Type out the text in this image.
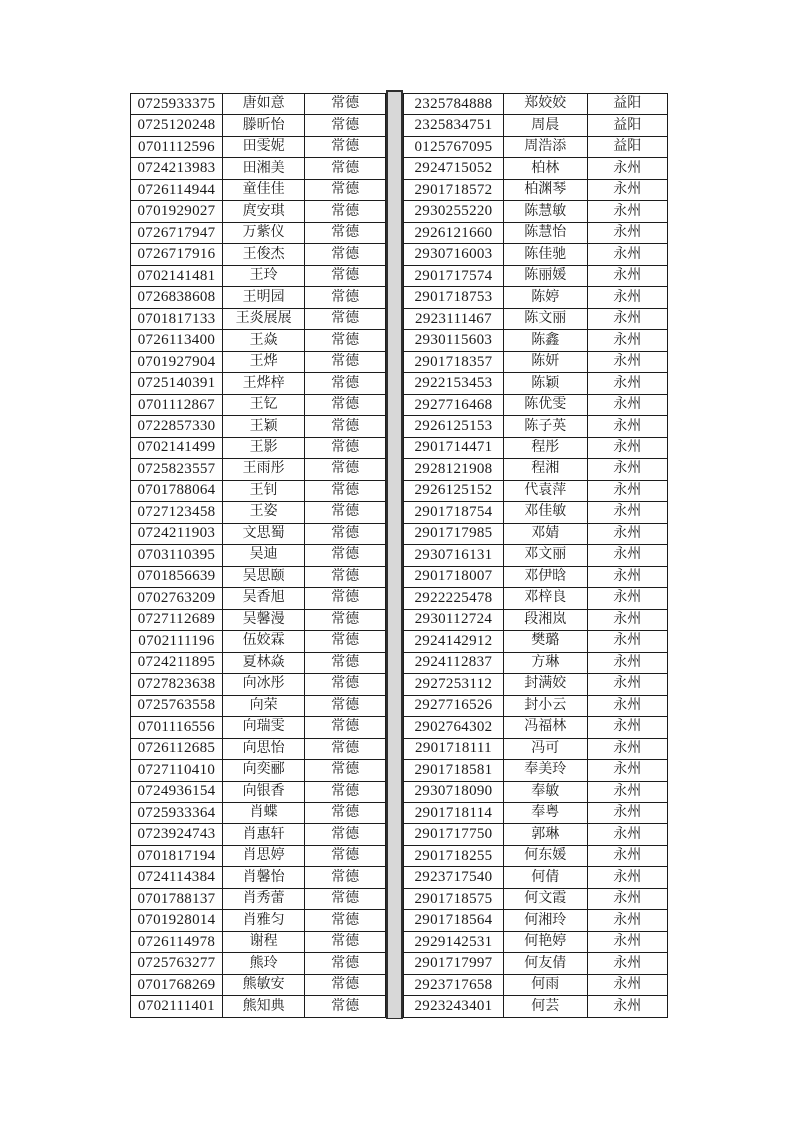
0725933375	唐如意	常德
0725120248	滕昕怡	常德
0701112596	田雯妮	常德
0724213983	田湘美	常德
0726114944	童佳佳	常德
0701929027	庹安琪	常德
0726717947	万紫仪	常德
0726717916	王俊杰	常德
0702141481	王玲	常德
0726838608	王明园	常德
0701817133	王炎展展	常德
0726113400	王焱	常德
0701927904	王烨	常德
0725140391	王烨梓	常德
0701112867	王钇	常德
0722857330	王颖	常德
0702141499	王影	常德
0725823557	王雨彤	常德
0701788064	王钊	常德
0727123458	王姿	常德
0724211903	文思蜀	常德
0703110395	吴迪	常德
0701856639	吴思颐	常德
0702763209	吴香旭	常德
0727112689	吴馨漫	常德
0702111196	伍姣霖	常德
0724211895	夏林焱	常德
0727823638	向冰彤	常德
0725763558	向荣	常德
0701116556	向瑞雯	常德
0726112685	向思怡	常德
0727110410	向奕郦	常德
0724936154	向银香	常德
0725933364	肖蝶	常德
0723924743	肖惠轩	常德
0701817194	肖思婷	常德
0724114384	肖馨怡	常德
0701788137	肖秀蕾	常德
0701928014	肖雅匀	常德
0726114978	谢程	常德
0725763277	熊玲	常德
0701768269	熊敏安	常德
0702111401	熊知典	常德
2325784888	郑姣姣	益阳
2325834751	周晨	益阳
0125767095	周浩添	益阳
2924715052	柏林	永州
2901718572	柏渊琴	永州
2930255220	陈慧敏	永州
2926121660	陈慧怡	永州
2930716003	陈佳驰	永州
2901717574	陈丽媛	永州
2901718753	陈婷	永州
2923111467	陈文丽	永州
2930115603	陈鑫	永州
2901718357	陈妍	永州
2922153453	陈颖	永州
2927716468	陈优雯	永州
2926125153	陈子英	永州
2901714471	程彤	永州
2928121908	程湘	永州
2926125152	代袁萍	永州
2901718754	邓佳敏	永州
2901717985	邓婧	永州
2930716131	邓文丽	永州
2901718007	邓伊晗	永州
2922225478	邓梓良	永州
2930112724	段湘岚	永州
2924142912	樊璐	永州
2924112837	方琳	永州
2927253112	封满姣	永州
2927716526	封小云	永州
2902764302	冯福林	永州
2901718111	冯可	永州
2901718581	奉美玲	永州
2930718090	奉敏	永州
2901718114	奉粤	永州
2901717750	郭琳	永州
2901718255	何东媛	永州
2923717540	何倩	永州
2901718575	何文霞	永州
2901718564	何湘玲	永州
2929142531	何艳婷	永州
2901717997	何友倩	永州
2923717658	何雨	永州
2923243401	何芸	永州
